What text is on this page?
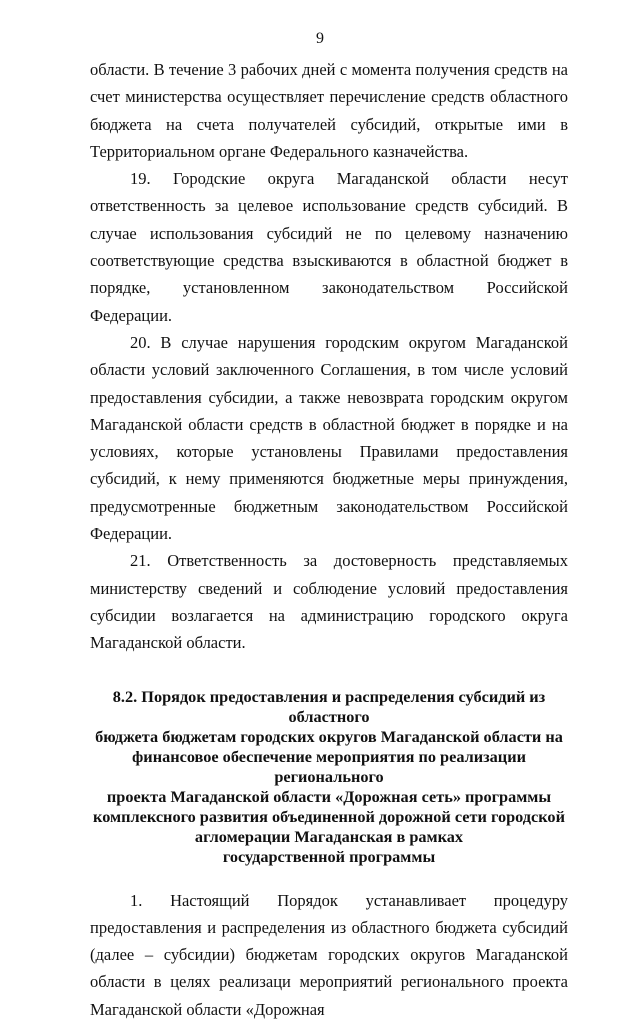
9

области. В течение 3 рабочих дней с момента получения средств на счет министерства осуществляет перечисление средств областного бюджета на счета получателей субсидий, открытые ими в Территориальном органе Федерального казначейства.

19. Городские округа Магаданской области несут ответственность за целевое использование средств субсидий. В случае использования субсидий не по целевому назначению соответствующие средства взыскиваются в областной бюджет в порядке, установленном законодательством Российской Федерации.

20. В случае нарушения городским округом Магаданской области условий заключенного Соглашения, в том числе условий предоставления субсидии, а также невозврата городским округом Магаданской области средств в областной бюджет в порядке и на условиях, которые установлены Правилами предоставления субсидий, к нему применяются бюджетные меры принуждения, предусмотренные бюджетным законодательством Российской Федерации.

21. Ответственность за достоверность представляемых министерству сведений и соблюдение условий предоставления субсидии возлагается на администрацию городского округа Магаданской области.

8.2. Порядок предоставления и распределения субсидий из областного
бюджета бюджетам городских округов Магаданской области на
финансовое обеспечение мероприятия по реализации регионального
проекта Магаданской области «Дорожная сеть» программы
комплексного развития объединенной дорожной сети городской
агломерации Магаданская в рамках
государственной программы

1. Настоящий Порядок устанавливает процедуру предоставления и распределения из областного бюджета субсидий (далее – субсидии) бюджетам городских округов Магаданской области в целях реализаци мероприятий регионального проекта Магаданской области «Дорожная
